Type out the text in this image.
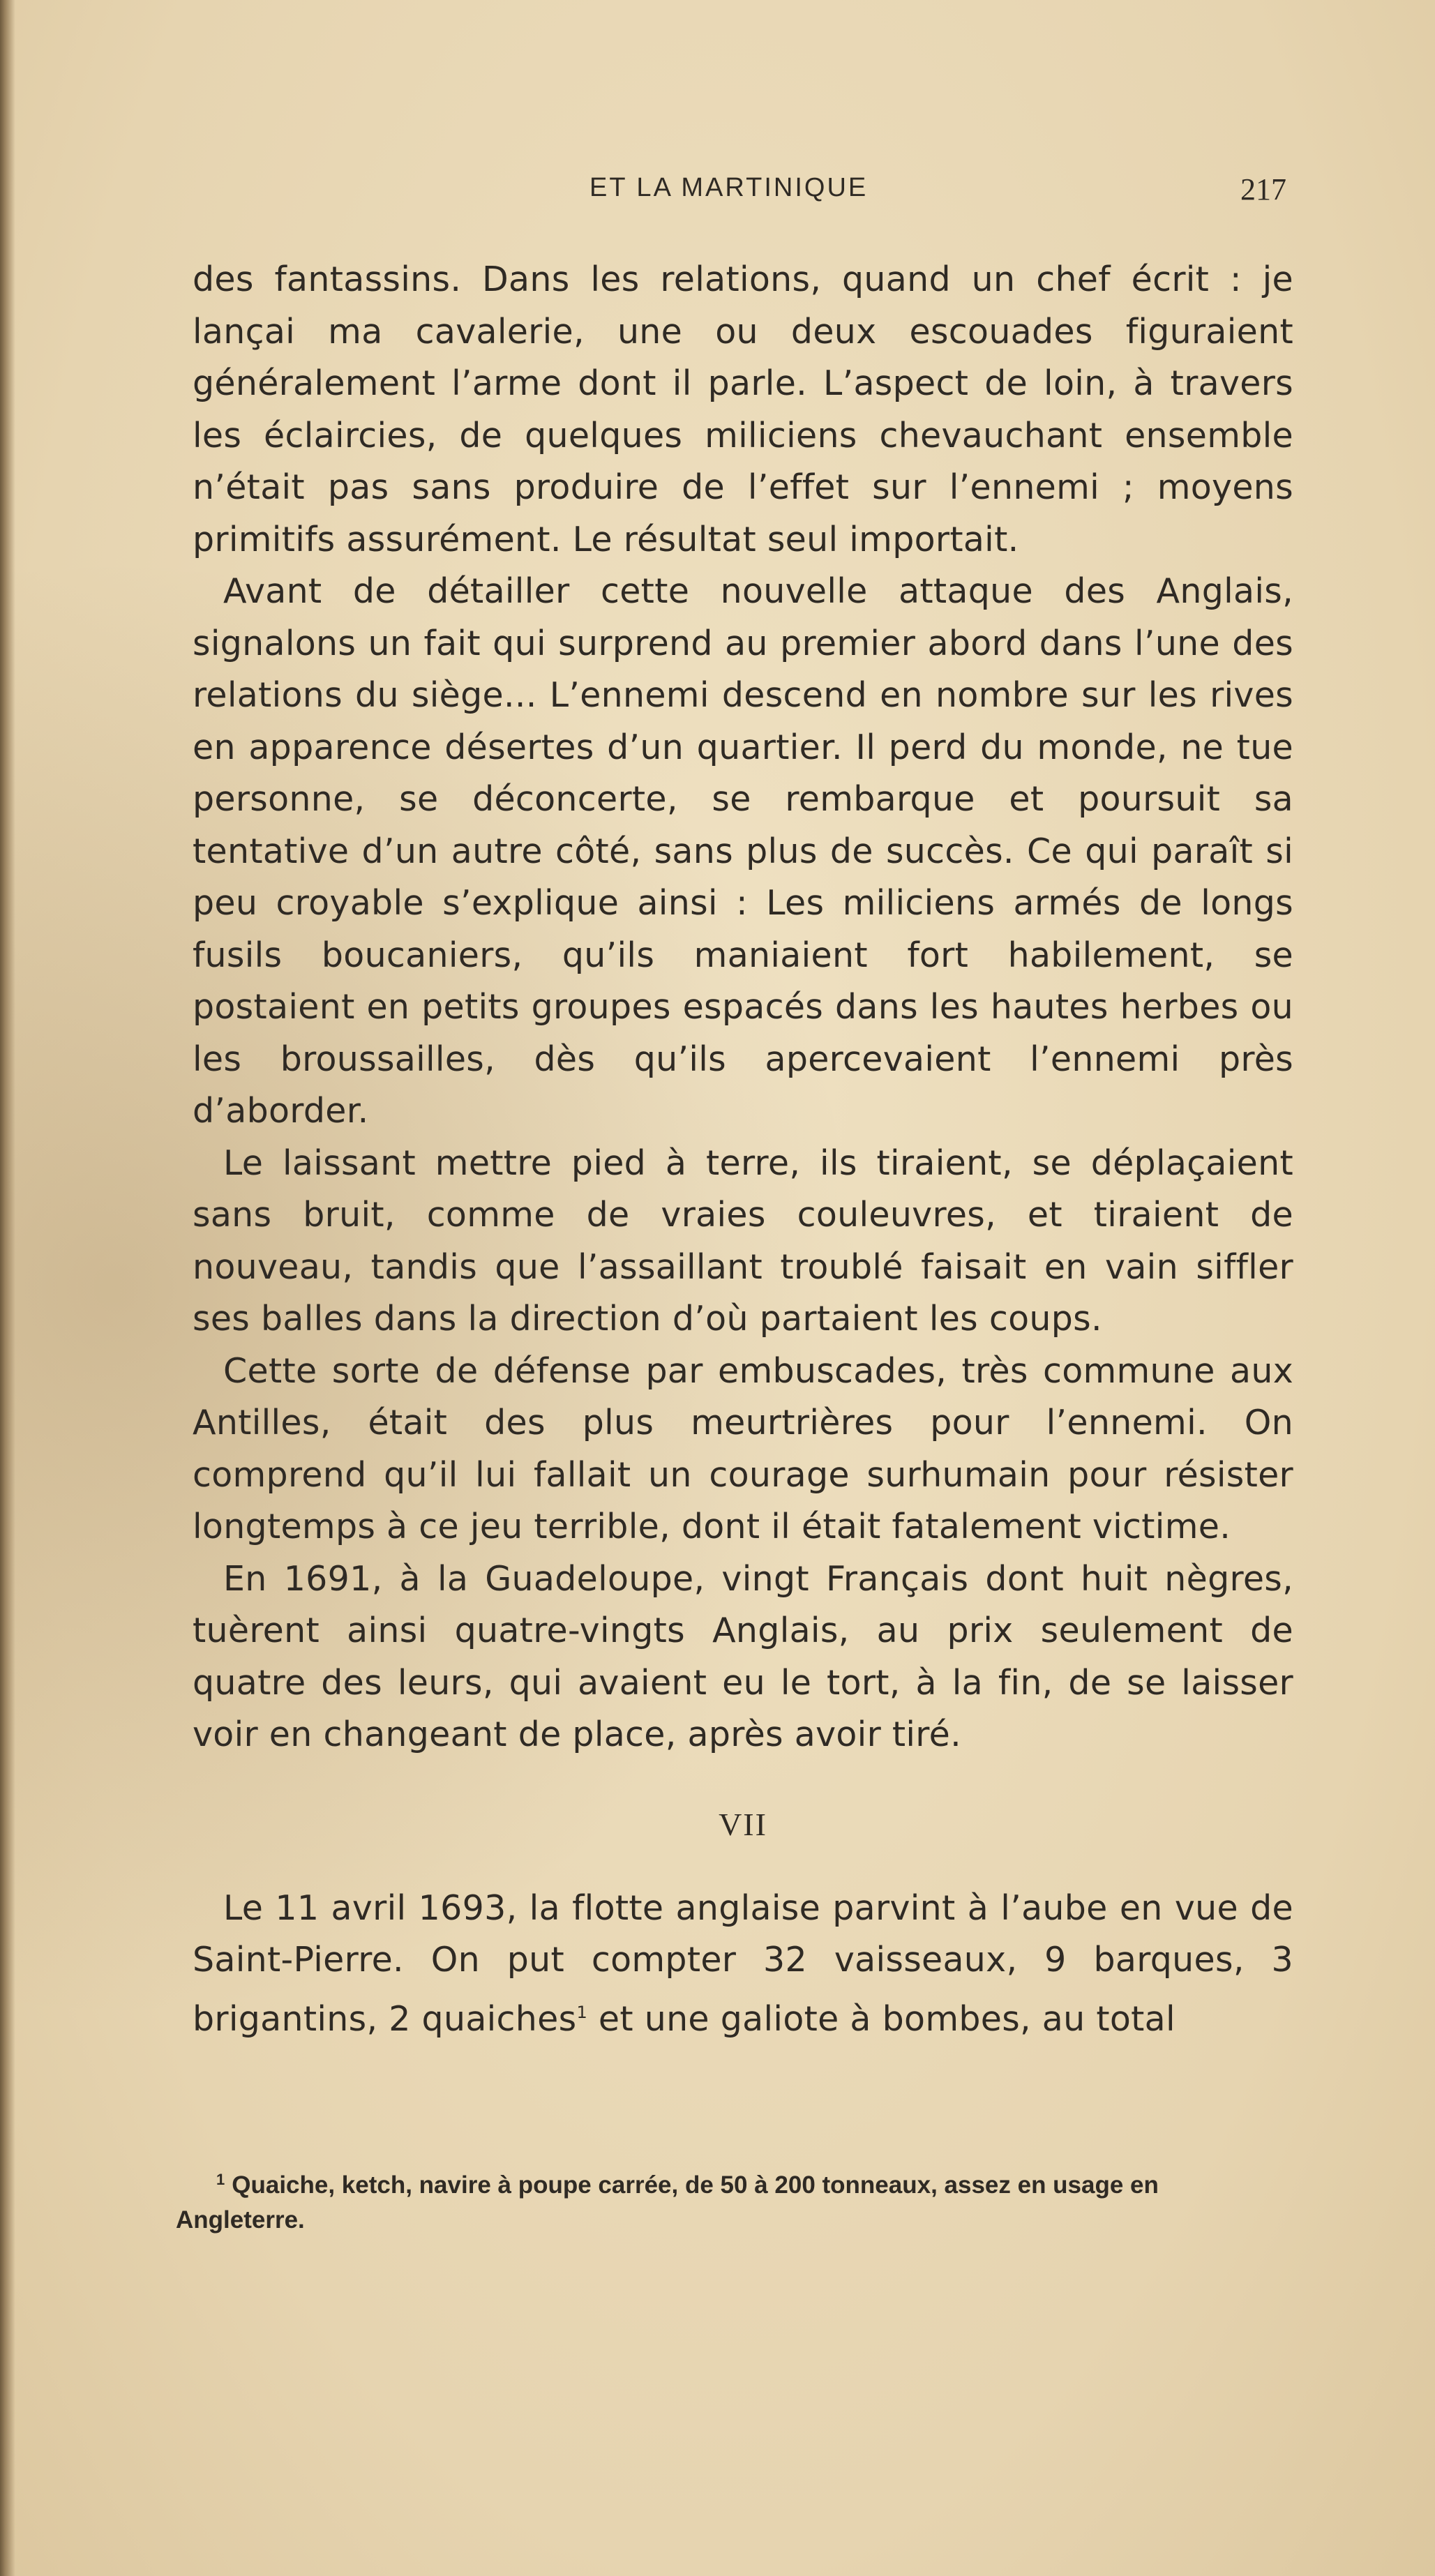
ET LA MARTINIQUE	217

des fantassins. Dans les relations, quand un chef écrit : je lançai ma cavalerie, une ou deux escouades figuraient généralement l’arme dont il parle. L’aspect de loin, à travers les éclaircies, de quelques miliciens chevauchant ensemble n’était pas sans produire de l’effet sur l’ennemi ; moyens primitifs assurément. Le résultat seul importait.

Avant de détailler cette nouvelle attaque des Anglais, signalons un fait qui surprend au premier abord dans l’une des relations du siège... L’ennemi descend en nombre sur les rives en apparence désertes d’un quartier. Il perd du monde, ne tue personne, se déconcerte, se rembarque et poursuit sa tentative d’un autre côté, sans plus de succès. Ce qui paraît si peu croyable s’explique ainsi : Les miliciens armés de longs fusils boucaniers, qu’ils maniaient fort habilement, se postaient en petits groupes espacés dans les hautes herbes ou les broussailles, dès qu’ils apercevaient l’ennemi près d’aborder.

Le laissant mettre pied à terre, ils tiraient, se déplaçaient sans bruit, comme de vraies couleuvres, et tiraient de nouveau, tandis que l’assaillant troublé faisait en vain siffler ses balles dans la direction d’où partaient les coups.

Cette sorte de défense par embuscades, très commune aux Antilles, était des plus meurtrières pour l’ennemi. On comprend qu’il lui fallait un courage surhumain pour résister longtemps à ce jeu terrible, dont il était fatalement victime.

En 1691, à la Guadeloupe, vingt Français dont huit nègres, tuèrent ainsi quatre-vingts Anglais, au prix seulement de quatre des leurs, qui avaient eu le tort, à la fin, de se laisser voir en changeant de place, après avoir tiré.

VII

Le 11 avril 1693, la flotte anglaise parvint à l’aube en vue de Saint-Pierre. On put compter 32 vaisseaux, 9 barques, 3 brigantins, 2 quaiches$^1$ et une galiote à bombes, au total

$^1$ Quaiche, ketch, navire à poupe carrée, de 50 à 200 tonneaux, assez en usage en Angleterre.
